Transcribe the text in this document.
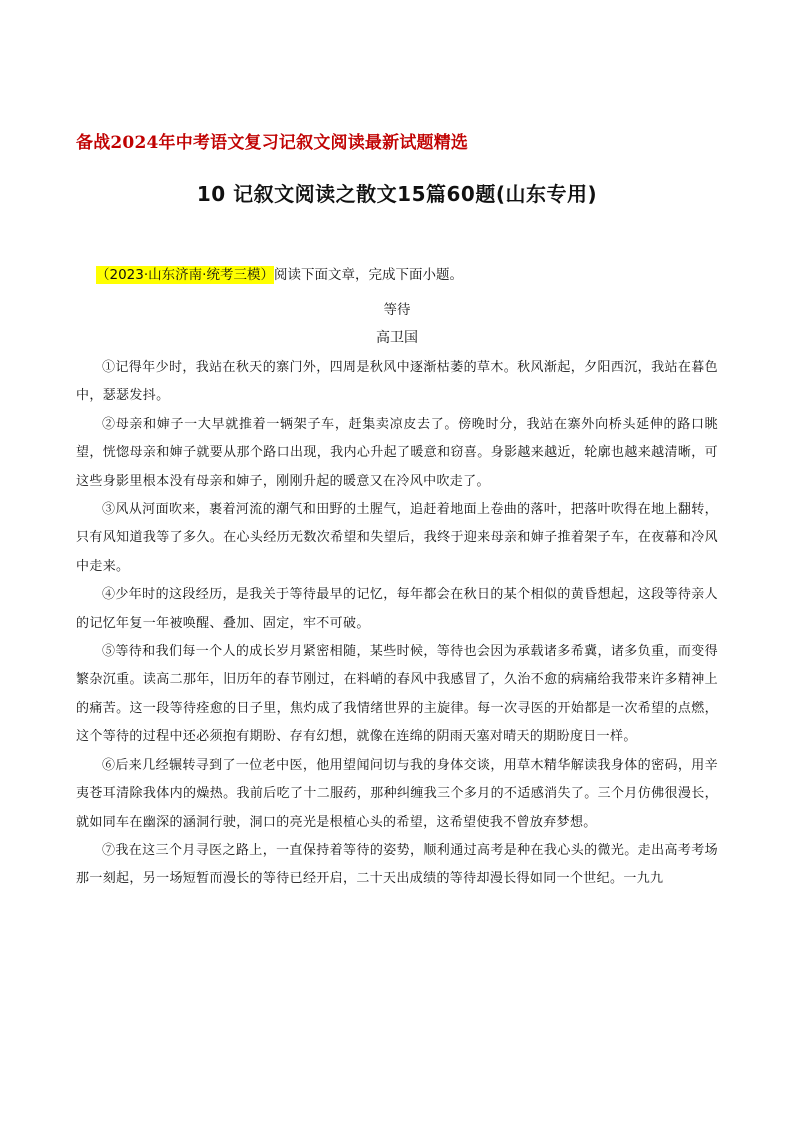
备战2024年中考语文复习记叙文阅读最新试题精选
10 记叙文阅读之散文15篇60题(山东专用)
（2023·山东济南·统考三模）阅读下面文章，完成下面小题。
等待
高卫国

①记得年少时，我站在秋天的寨门外，四周是秋风中逐渐枯萎的草木。秋风渐起，夕阳西沉，我站在暮色中，瑟瑟发抖。

②母亲和婶子一大早就推着一辆架子车，赶集卖凉皮去了。傍晚时分，我站在寨外向桥头延伸的路口眺望，恍惚母亲和婶子就要从那个路口出现，我内心升起了暖意和窃喜。身影越来越近，轮廓也越来越清晰，可这些身影里根本没有母亲和婶子，刚刚升起的暖意又在冷风中吹走了。

③风从河面吹来，裹着河流的潮气和田野的土腥气，追赶着地面上卷曲的落叶，把落叶吹得在地上翻转，只有风知道我等了多久。在心头经历无数次希望和失望后，我终于迎来母亲和婶子推着架子车，在夜幕和冷风中走来。

④少年时的这段经历，是我关于等待最早的记忆，每年都会在秋日的某个相似的黄昏想起，这段等待亲人的记忆年复一年被唤醒、叠加、固定，牢不可破。

⑤等待和我们每一个人的成长岁月紧密相随，某些时候，等待也会因为承载诸多希冀，诸多负重，而变得繁杂沉重。读高二那年，旧历年的春节刚过，在料峭的春风中我感冒了，久治不愈的病痛给我带来许多精神上的痛苦。这一段等待痊愈的日子里，焦灼成了我情绪世界的主旋律。每一次寻医的开始都是一次希望的点燃，这个等待的过程中还必须抱有期盼、存有幻想，就像在连绵的阴雨天塞对晴天的期盼度日一样。

⑥后来几经辗转寻到了一位老中医，他用望闻问切与我的身体交谈，用草木精华解读我身体的密码，用辛夷苍耳清除我体内的燥热。我前后吃了十二服药，那种纠缠我三个多月的不适感消失了。三个月仿佛很漫长，就如同车在幽深的涵洞行驶，洞口的亮光是根植心头的希望，这希望使我不曾放弃梦想。

⑦我在这三个月寻医之路上，一直保持着等待的姿势，顺利通过高考是种在我心头的微光。走出高考考场那一刻起，另一场短暂而漫长的等待已经开启，二十天出成绩的等待却漫长得如同一个世纪。一九九
